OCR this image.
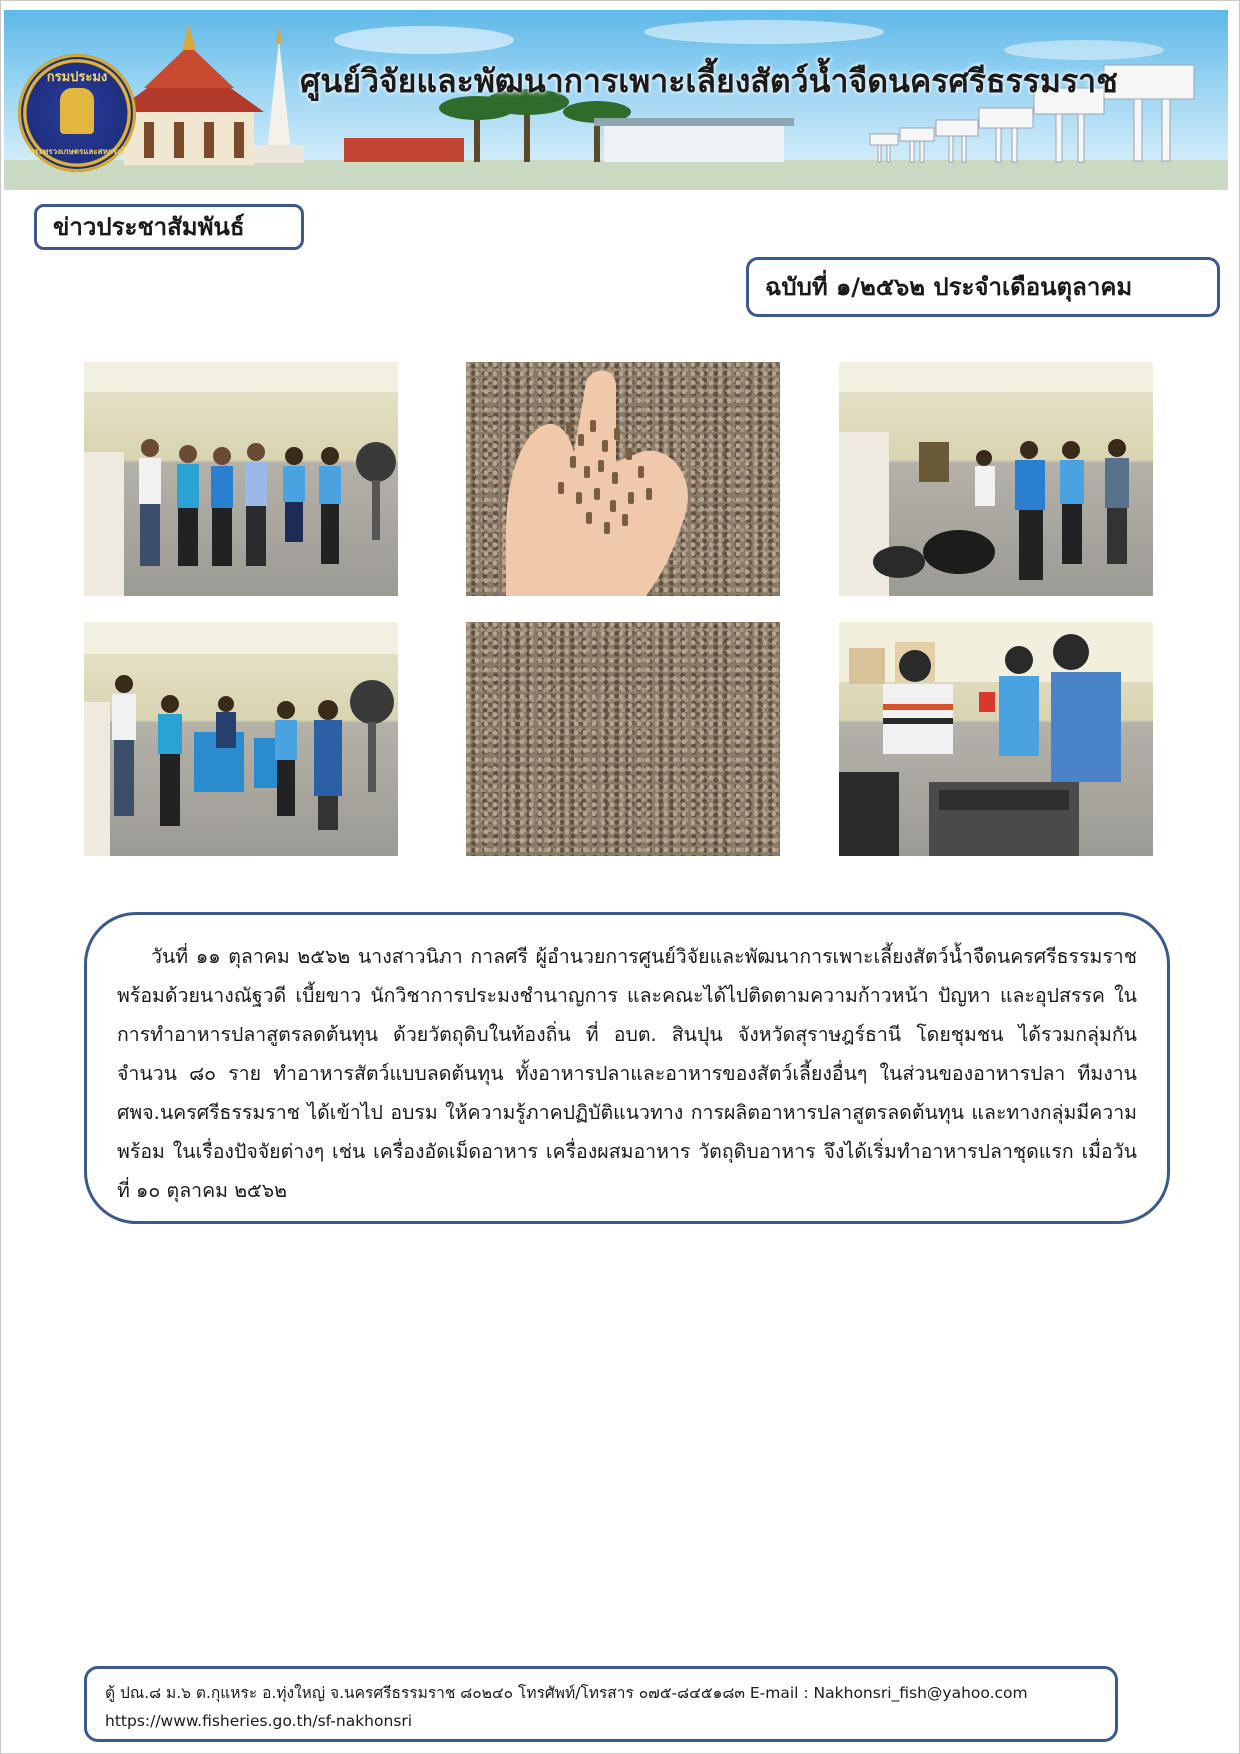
กรมประมง
กระทรวงเกษตรและสหกรณ์
ศูนย์วิจัยและพัฒนาการเพาะเลี้ยงสัตว์น้ำจืดนครศรีธรรมราช
ข่าวประชาสัมพันธ์
ฉบับที่ ๑/๒๕๖๒ ประจำเดือนตุลาคม

วันที่ ๑๑ ตุลาคม ๒๕๖๒ นางสาวนิภา กาลศรี ผู้อำนวยการศูนย์วิจัยและพัฒนาการเพาะเลี้ยงสัตว์น้ำจืดนครศรีธรรมราช พร้อมด้วยนางณัฐวดี เบี้ยขาว นักวิชาการประมงชำนาญการ และคณะได้ไปติดตามความก้าวหน้า ปัญหา และอุปสรรค ในการทำอาหารปลาสูตรลดต้นทุน ด้วยวัตถุดิบในท้องถิ่น ที่ อบต. สินปุน จังหวัดสุราษฎร์ธานี โดยชุมชน ได้รวมกลุ่มกัน จำนวน ๘๐ ราย ทำอาหารสัตว์แบบลดต้นทุน ทั้งอาหารปลาและอาหารของสัตว์เลี้ยงอื่นๆ ในส่วนของอาหารปลา ทีมงาน ศพจ.นครศรีธรรมราช ได้เข้าไป อบรม ให้ความรู้ภาคปฏิบัติแนวทาง การผลิตอาหารปลาสูตรลดต้นทุน และทางกลุ่มมีความพร้อม ในเรื่องปัจจัยต่างๆ เช่น เครื่องอัดเม็ดอาหาร เครื่องผสมอาหาร วัตถุดิบอาหาร จึงได้เริ่มทำอาหารปลาชุดแรก เมื่อวันที่ ๑๐ ตุลาคม ๒๕๖๒

ตู้ ปณ.๘ ม.๖ ต.กุแหระ อ.ทุ่งใหญ่ จ.นครศรีธรรมราช ๘๐๒๔๐ โทรศัพท์/โทรสาร ๐๗๕-๘๔๕๑๘๓ E-mail : Nakhonsri_fish@yahoo.com
https://www.fisheries.go.th/sf-nakhonsri
